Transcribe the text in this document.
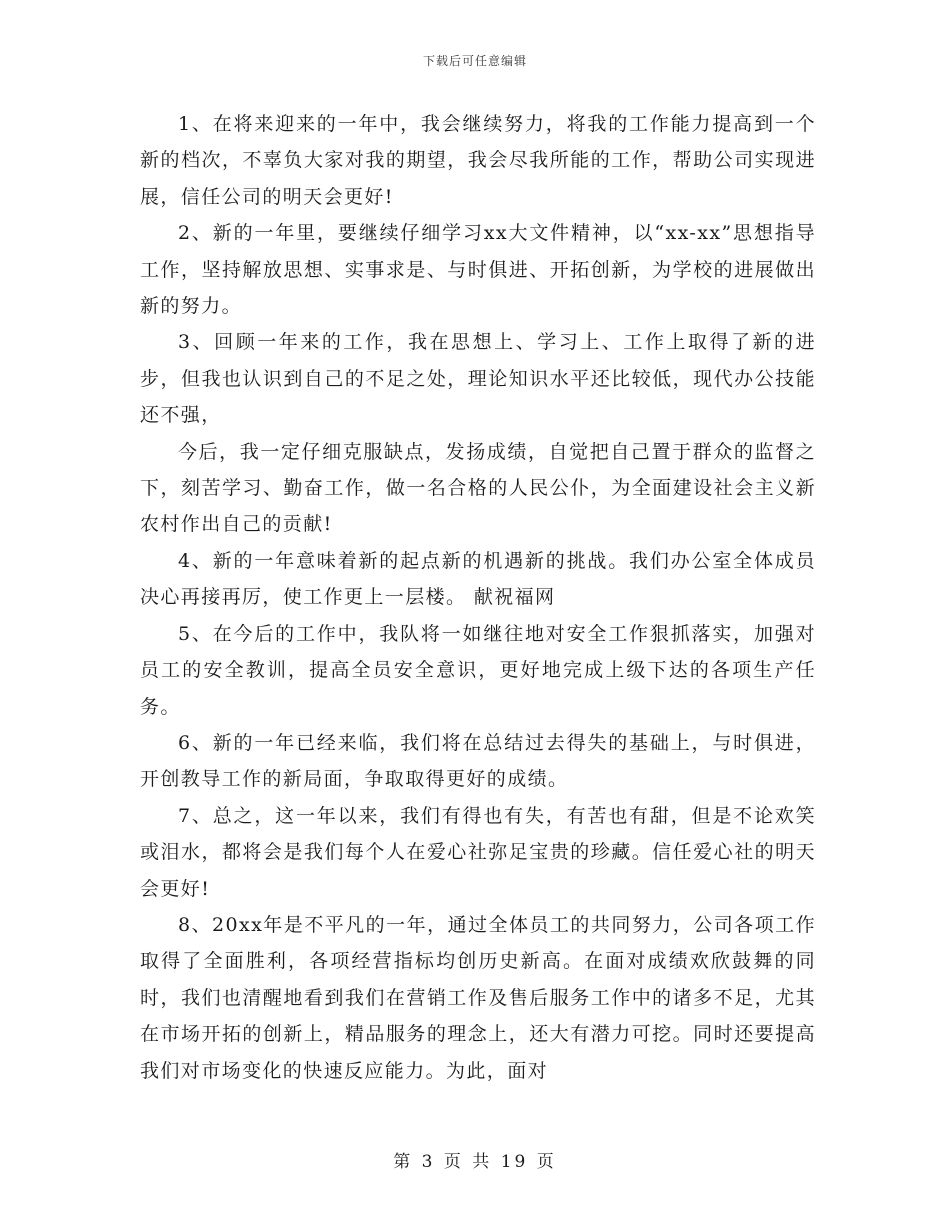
下载后可任意编辑

1、在将来迎来的一年中，我会继续努力，将我的工作能力提高到一个新的档次，不辜负大家对我的期望，我会尽我所能的工作，帮助公司实现进展，信任公司的明天会更好!

2、新的一年里，要继续仔细学习xx大文件精神，以“xx-xx”思想指导工作，坚持解放思想、实事求是、与时俱进、开拓创新，为学校的进展做出新的努力。

3、回顾一年来的工作，我在思想上、学习上、工作上取得了新的进步，但我也认识到自己的不足之处，理论知识水平还比较低，现代办公技能还不强，

今后，我一定仔细克服缺点，发扬成绩，自觉把自己置于群众的监督之下，刻苦学习、勤奋工作，做一名合格的人民公仆，为全面建设社会主义新农村作出自己的贡献!

4、新的一年意味着新的起点新的机遇新的挑战。我们办公室全体成员决心再接再厉，使工作更上一层楼。 献祝福网

5、在今后的工作中，我队将一如继往地对安全工作狠抓落实，加强对员工的安全教训，提高全员安全意识，更好地完成上级下达的各项生产任务。

6、新的一年已经来临，我们将在总结过去得失的基础上，与时俱进，开创教导工作的新局面，争取取得更好的成绩。

7、总之，这一年以来，我们有得也有失，有苦也有甜，但是不论欢笑或泪水，都将会是我们每个人在爱心社弥足宝贵的珍藏。信任爱心社的明天会更好!

8、20xx年是不平凡的一年，通过全体员工的共同努力，公司各项工作取得了全面胜利，各项经营指标均创历史新高。在面对成绩欢欣鼓舞的同时，我们也清醒地看到我们在营销工作及售后服务工作中的诸多不足，尤其在市场开拓的创新上，精品服务的理念上，还大有潜力可挖。同时还要提高我们对市场变化的快速反应能力。为此，面对

第 3 页 共 19 页
